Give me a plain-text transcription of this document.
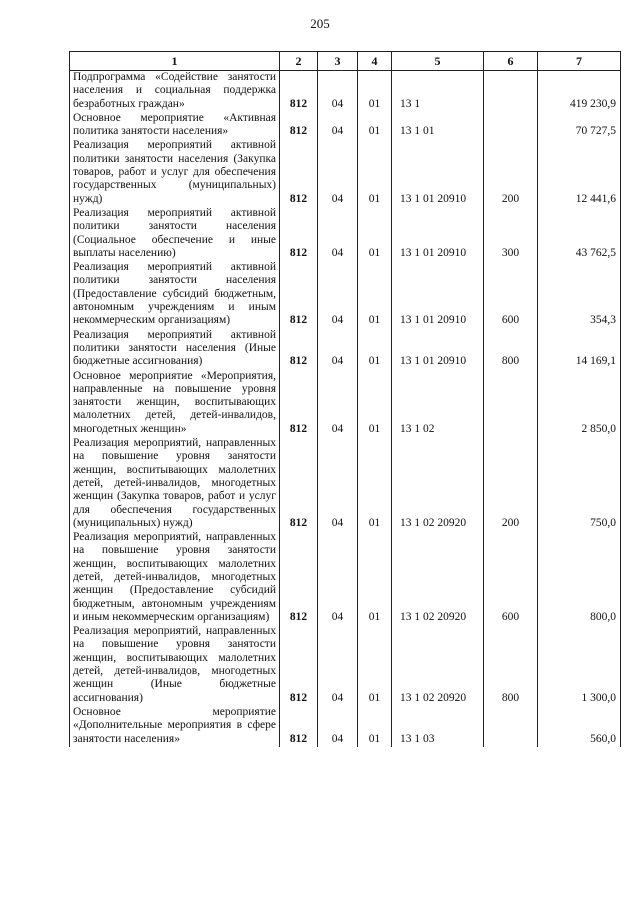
205
1	2	3	4	5	6	7
Подпрограмма «Содействие занятости населения и социальная поддержка безработных граждан»	812	04	01	13 1		419 230,9
Основное мероприятие «Активная политика занятости населения»	812	04	01	13 1 01		70 727,5
Реализация мероприятий активной политики занятости населения (Закупка товаров, работ и услуг для обеспечения государственных (муниципальных) нужд)	812	04	01	13 1 01 20910	200	12 441,6
Реализация мероприятий активной политики занятости населения (Социальное обеспечение и иные выплаты населению)	812	04	01	13 1 01 20910	300	43 762,5
Реализация мероприятий активной политики занятости населения (Предоставление субсидий бюджетным, автономным учреждениям и иным некоммерческим организациям)	812	04	01	13 1 01 20910	600	354,3
Реализация мероприятий активной политики занятости населения (Иные бюджетные ассигнования)	812	04	01	13 1 01 20910	800	14 169,1
Основное мероприятие «Мероприятия, направленные на повышение уровня занятости женщин, воспитывающих малолетних детей, детей-инвалидов, многодетных женщин»	812	04	01	13 1 02		2 850,0
Реализация мероприятий, направленных на повышение уровня занятости женщин, воспитывающих малолетних детей, детей-инвалидов, многодетных женщин (Закупка товаров, работ и услуг для обеспечения государственных (муниципальных) нужд)	812	04	01	13 1 02 20920	200	750,0
Реализация мероприятий, направленных на повышение уровня занятости женщин, воспитывающих малолетних детей, детей-инвалидов, многодетных женщин (Предоставление субсидий бюджетным, автономным учреждениям и иным некоммерческим организациям)	812	04	01	13 1 02 20920	600	800,0
Реализация мероприятий, направленных на повышение уровня занятости женщин, воспитывающих малолетних детей, детей-инвалидов, многодетных женщин (Иные бюджетные ассигнования)	812	04	01	13 1 02 20920	800	1 300,0
Основное мероприятие «Дополнительные мероприятия в сфере занятости населения»	812	04	01	13 1 03		560,0
